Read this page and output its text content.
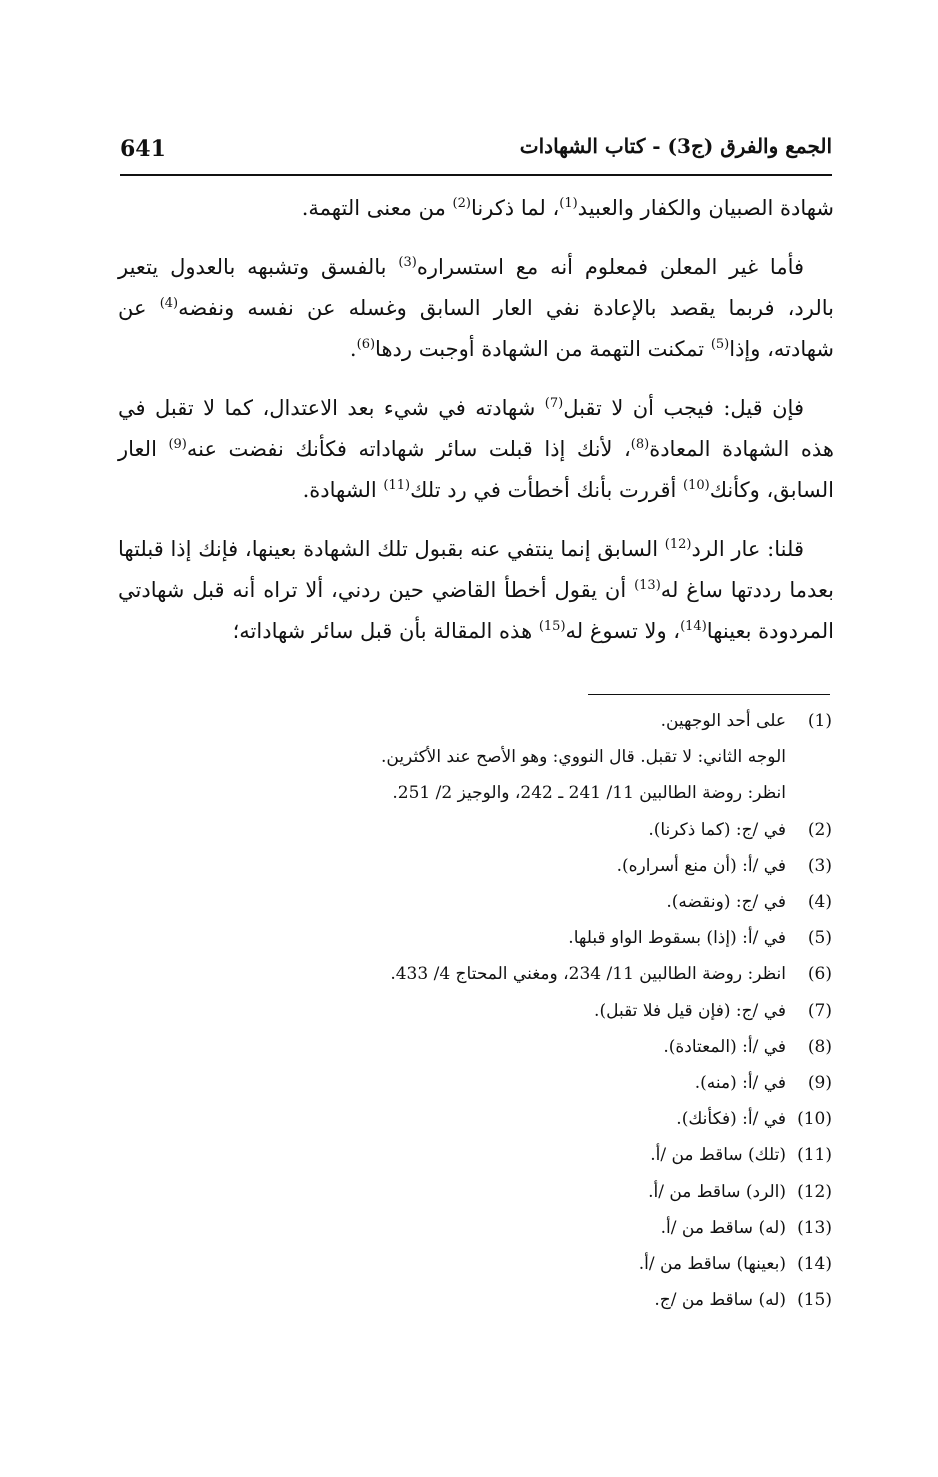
641	الجمع والفرق (ج3) - كتاب الشهادات

شهادة الصبيان والكفار والعبيد$^{(1)}$، لما ذكرنا$^{(2)}$ من معنى التهمة.

فأما غير المعلن فمعلوم أنه مع استسراره$^{(3)}$ بالفسق وتشبهه بالعدول يتعير بالرد، فربما يقصد بالإعادة نفي العار السابق وغسله عن نفسه ونفضه$^{(4)}$ عن شهادته، وإذا$^{(5)}$ تمكنت التهمة من الشهادة أوجبت ردها$^{(6)}$.

فإن قيل: فيجب أن لا تقبل$^{(7)}$ شهادته في شيء بعد الاعتدال، كما لا تقبل في هذه الشهادة المعادة$^{(8)}$، لأنك إذا قبلت سائر شهاداته فكأنك نفضت عنه$^{(9)}$ العار السابق، وكأنك$^{(10)}$ أقررت بأنك أخطأت في رد تلك$^{(11)}$ الشهادة.

قلنا: عار الرد$^{(12)}$ السابق إنما ينتفي عنه بقبول تلك الشهادة بعينها، فإنك إذا قبلتها بعدما رددتها ساغ له$^{(13)}$ أن يقول أخطأ القاضي حين ردني، ألا تراه أنه قبل شهادتي المردودة بعينها$^{(14)}$، ولا تسوغ له$^{(15)}$ هذه المقالة بأن قبل سائر شهاداته؛

(1)
على أحد الوجهين.
الوجه الثاني: لا تقبل. قال النووي: وهو الأصح عند الأكثرين.
انظر: روضة الطالبين 11/ 241 ـ 242، والوجيز 2/ 251.
(2)
في /ج: (كما ذكرنا).
(3)
في /أ: (أن منع أسراره).
(4)
في /ج: (ونقضه).
(5)
في /أ: (إذا) بسقوط الواو قبلها.
(6)
انظر: روضة الطالبين 11/ 234، ومغني المحتاج 4/ 433.
(7)
في /ج: (فإن قيل فلا تقبل).
(8)
في /أ: (المعتادة).
(9)
في /أ: (منه).
(10)
في /أ: (فكأنك).
(11)
(تلك) ساقط من /أ.
(12)
(الرد) ساقط من /أ.
(13)
(له) ساقط من /أ.
(14)
(بعينها) ساقط من /أ.
(15)
(له) ساقط من /ج.
